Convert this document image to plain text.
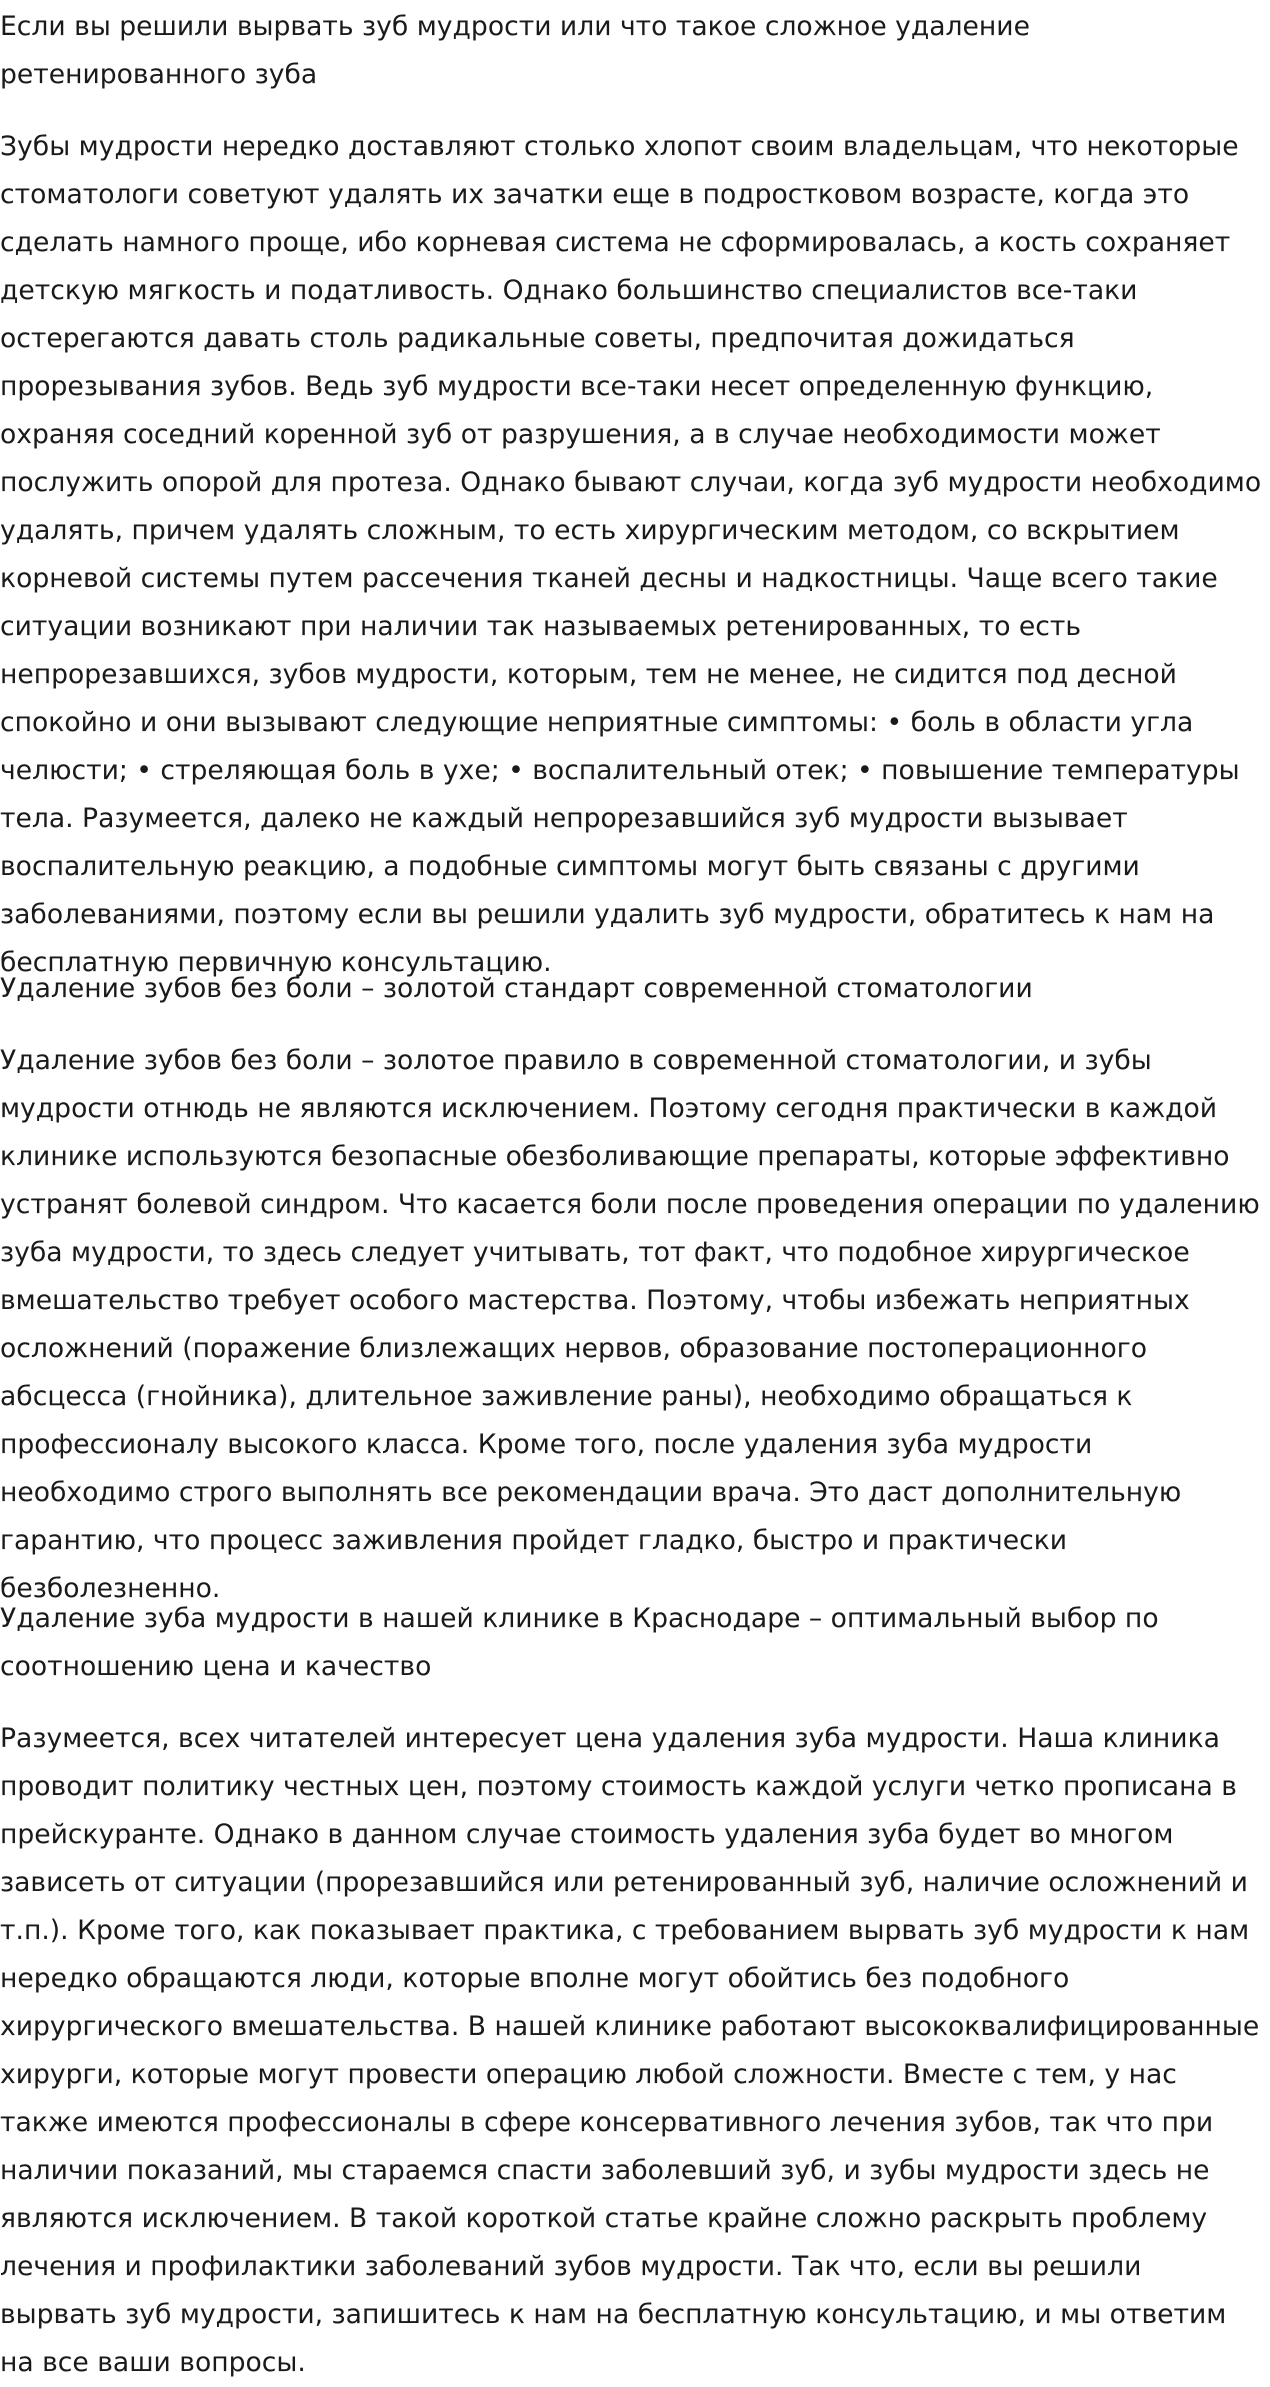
Если вы решили вырвать зуб мудрости или что такое сложное удаление ретенированного зуба

Зубы мудрости нередко доставляют столько хлопот своим владельцам, что некоторые стоматологи советуют удалять их зачатки еще в подростковом возрасте, когда это сделать намного проще, ибо корневая система не сформировалась, а кость сохраняет детскую мягкость и податливость. Однако большинство специалистов все-таки остерегаются давать столь радикальные советы, предпочитая дожидаться прорезывания зубов. Ведь зуб мудрости все-таки несет определенную функцию, охраняя соседний коренной зуб от разрушения, а в случае необходимости может послужить опорой для протеза. Однако бывают случаи, когда зуб мудрости необходимо удалять, причем удалять сложным, то есть хирургическим методом, со вскрытием корневой системы путем рассечения тканей десны и надкостницы. Чаще всего такие ситуации возникают при наличии так называемых ретенированных, то есть непрорезавшихся, зубов мудрости, которым, тем не менее, не сидится под десной спокойно и они вызывают следующие неприятные симптомы: • боль в области угла челюсти; • стреляющая боль в ухе; • воспалительный отек; • повышение температуры тела. Разумеется, далеко не каждый непрорезавшийся зуб мудрости вызывает воспалительную реакцию, а подобные симптомы могут быть связаны с другими заболеваниями, поэтому если вы решили удалить зуб мудрости, обратитесь к нам на бесплатную первичную консультацию.

Удаление зубов без боли – золотой стандарт современной стоматологии

Удаление зубов без боли – золотое правило в современной стоматологии, и зубы мудрости отнюдь не являются исключением. Поэтому сегодня практически в каждой клинике используются безопасные обезболивающие препараты, которые эффективно устранят болевой синдром. Что касается боли после проведения операции по удалению зуба мудрости, то здесь следует учитывать, тот факт, что подобное хирургическое вмешательство требует особого мастерства. Поэтому, чтобы избежать неприятных осложнений (поражение близлежащих нервов, образование постоперационного абсцесса (гнойника), длительное заживление раны), необходимо обращаться к профессионалу высокого класса. Кроме того, после удаления зуба мудрости необходимо строго выполнять все рекомендации врача. Это даст дополнительную гарантию, что процесс заживления пройдет гладко, быстро и практически безболезненно.

Удаление зуба мудрости в нашей клинике в Краснодаре – оптимальный выбор по соотношению цена и качество

Разумеется, всех читателей интересует цена удаления зуба мудрости. Наша клиника проводит политику честных цен, поэтому стоимость каждой услуги четко прописана в прейскуранте. Однако в данном случае стоимость удаления зуба будет во многом зависеть от ситуации (прорезавшийся или ретенированный зуб, наличие осложнений и т.п.). Кроме того, как показывает практика, с требованием вырвать зуб мудрости к нам нередко обращаются люди, которые вполне могут обойтись без подобного хирургического вмешательства. В нашей клинике работают высококвалифицированные хирурги, которые могут провести операцию любой сложности. Вместе с тем, у нас также имеются профессионалы в сфере консервативного лечения зубов, так что при наличии показаний, мы стараемся спасти заболевший зуб, и зубы мудрости здесь не являются исключением. В такой короткой статье крайне сложно раскрыть проблему лечения и профилактики заболеваний зубов мудрости. Так что, если вы решили вырвать зуб мудрости, запишитесь к нам на бесплатную консультацию, и мы ответим на все ваши вопросы.
